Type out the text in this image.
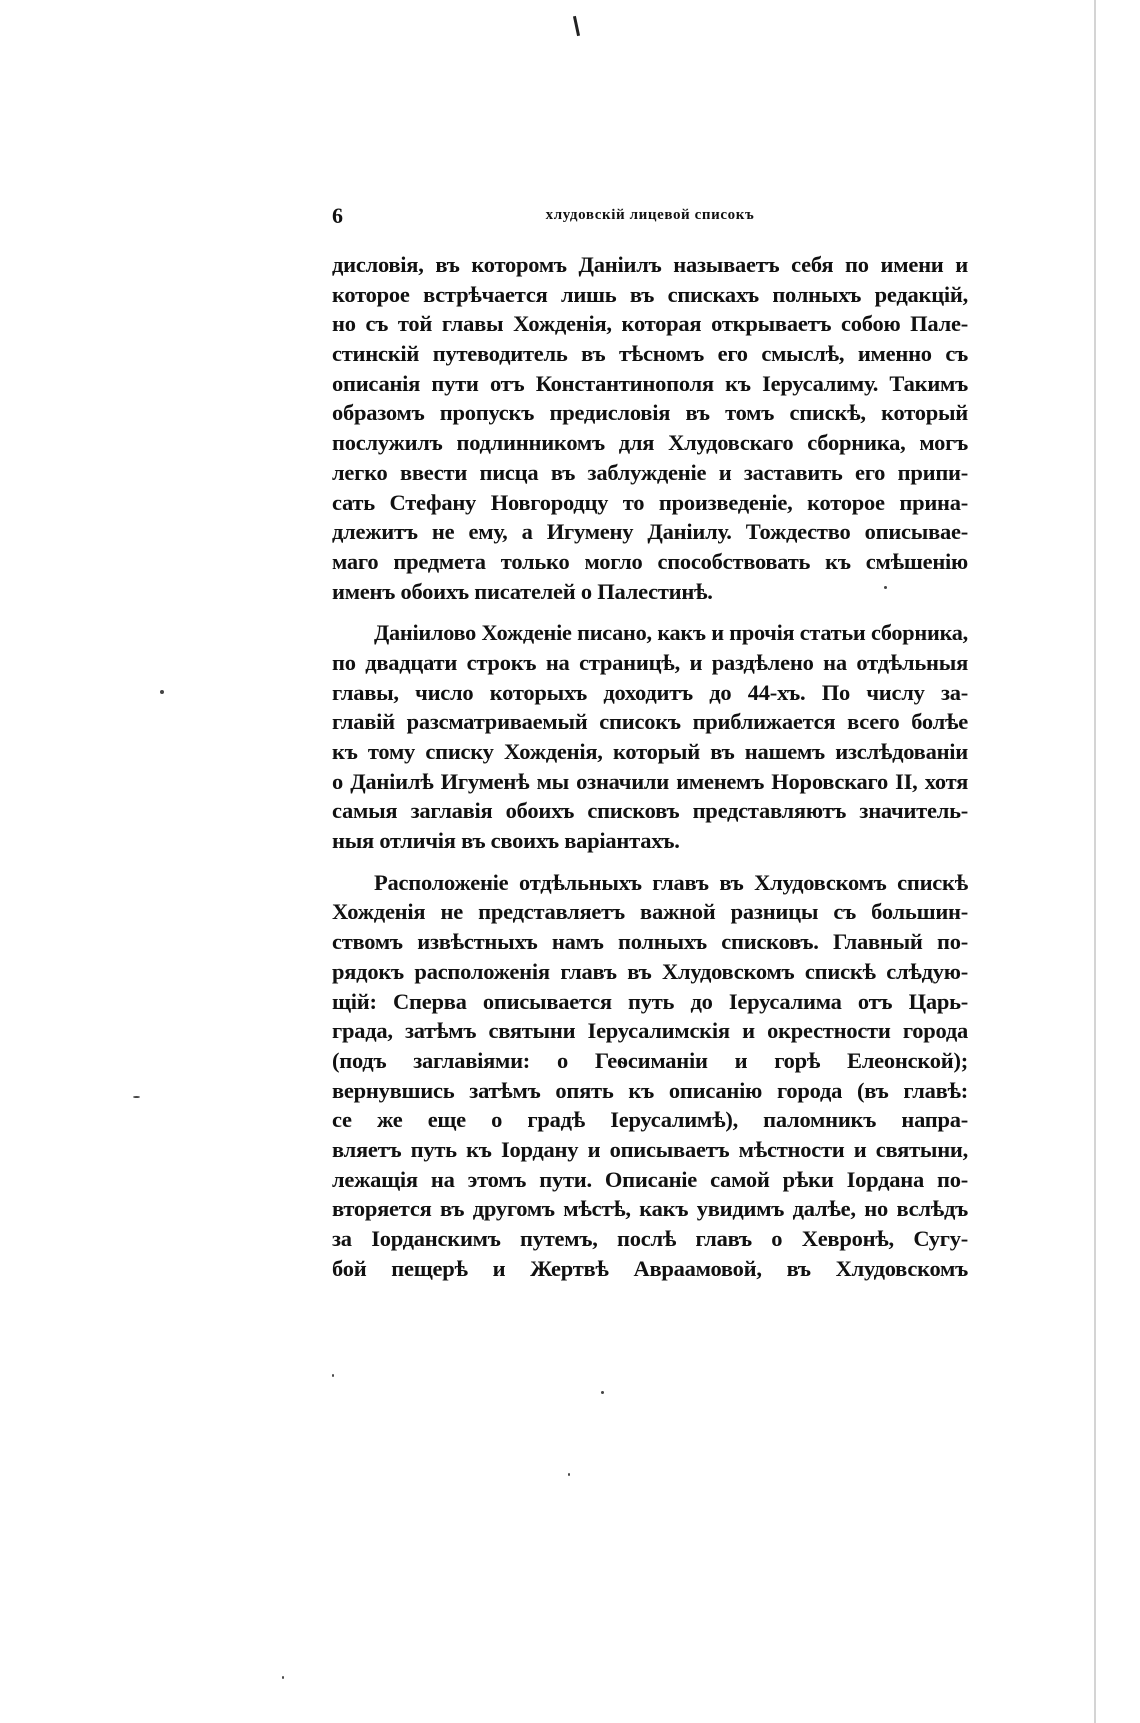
6	хлудовскій лицевой списокъ
дисловія, въ которомъ Даніилъ называетъ себя по имени и
которое встрѣчается лишь въ спискахъ полныхъ редакцій,
но съ той главы Хожденія, которая открываетъ собою Пале-
стинскій путеводитель въ тѣсномъ его смыслѣ, именно съ
описанія пути отъ Константинополя къ Іерусалиму. Такимъ
образомъ пропускъ предисловія въ томъ спискѣ, который
послужилъ подлинникомъ для Хлудовскаго сборника, могъ
легко ввести писца въ заблужденіе и заставить его припи-
сать Стефану Новгородцу то произведеніе, которое прина-
длежитъ не ему, а Игумену Даніилу. Тождество описывае-
маго предмета только могло способствовать къ смѣшенію
именъ обоихъ писателей о Палестинѣ.
Даніилово Хожденіе писано, какъ и прочія статьи сборника,
по двадцати строкъ на страницѣ, и раздѣлено на отдѣльныя
главы, число которыхъ доходитъ до 44-хъ. По числу за-
главій разсматриваемый списокъ приближается всего болѣе
къ тому списку Хожденія, который въ нашемъ изслѣдованіи
о Даніилѣ Игуменѣ мы означили именемъ Норовскаго II, хотя
самыя заглавія обоихъ списковъ представляютъ значитель-
ныя отличія въ своихъ варіантахъ.
Расположеніе отдѣльныхъ главъ въ Хлудовскомъ спискѣ
Хожденія не представляетъ важной разницы съ большин-
ствомъ извѣстныхъ намъ полныхъ списковъ. Главный по-
рядокъ расположенія главъ въ Хлудовскомъ спискѣ слѣдую-
щій: Сперва описывается путь до Іерусалима отъ Царь-
града, затѣмъ святыни Іерусалимскія и окрестности города
(подъ заглавіями: о Геѳсиманіи и горѣ Елеонской);
вернувшись затѣмъ опять къ описанію города (въ главѣ:
се же еще о градѣ Іерусалимѣ), паломникъ напра-
вляетъ путь къ Іордану и описываетъ мѣстности и святыни,
лежащія на этомъ пути. Описаніе самой рѣки Іордана по-
вторяется въ другомъ мѣстѣ, какъ увидимъ далѣе, но вслѣдъ
за Іорданскимъ путемъ, послѣ главъ о Хевронѣ, Сугу-
бой пещерѣ и Жертвѣ Авраамовой, въ Хлудовскомъ
